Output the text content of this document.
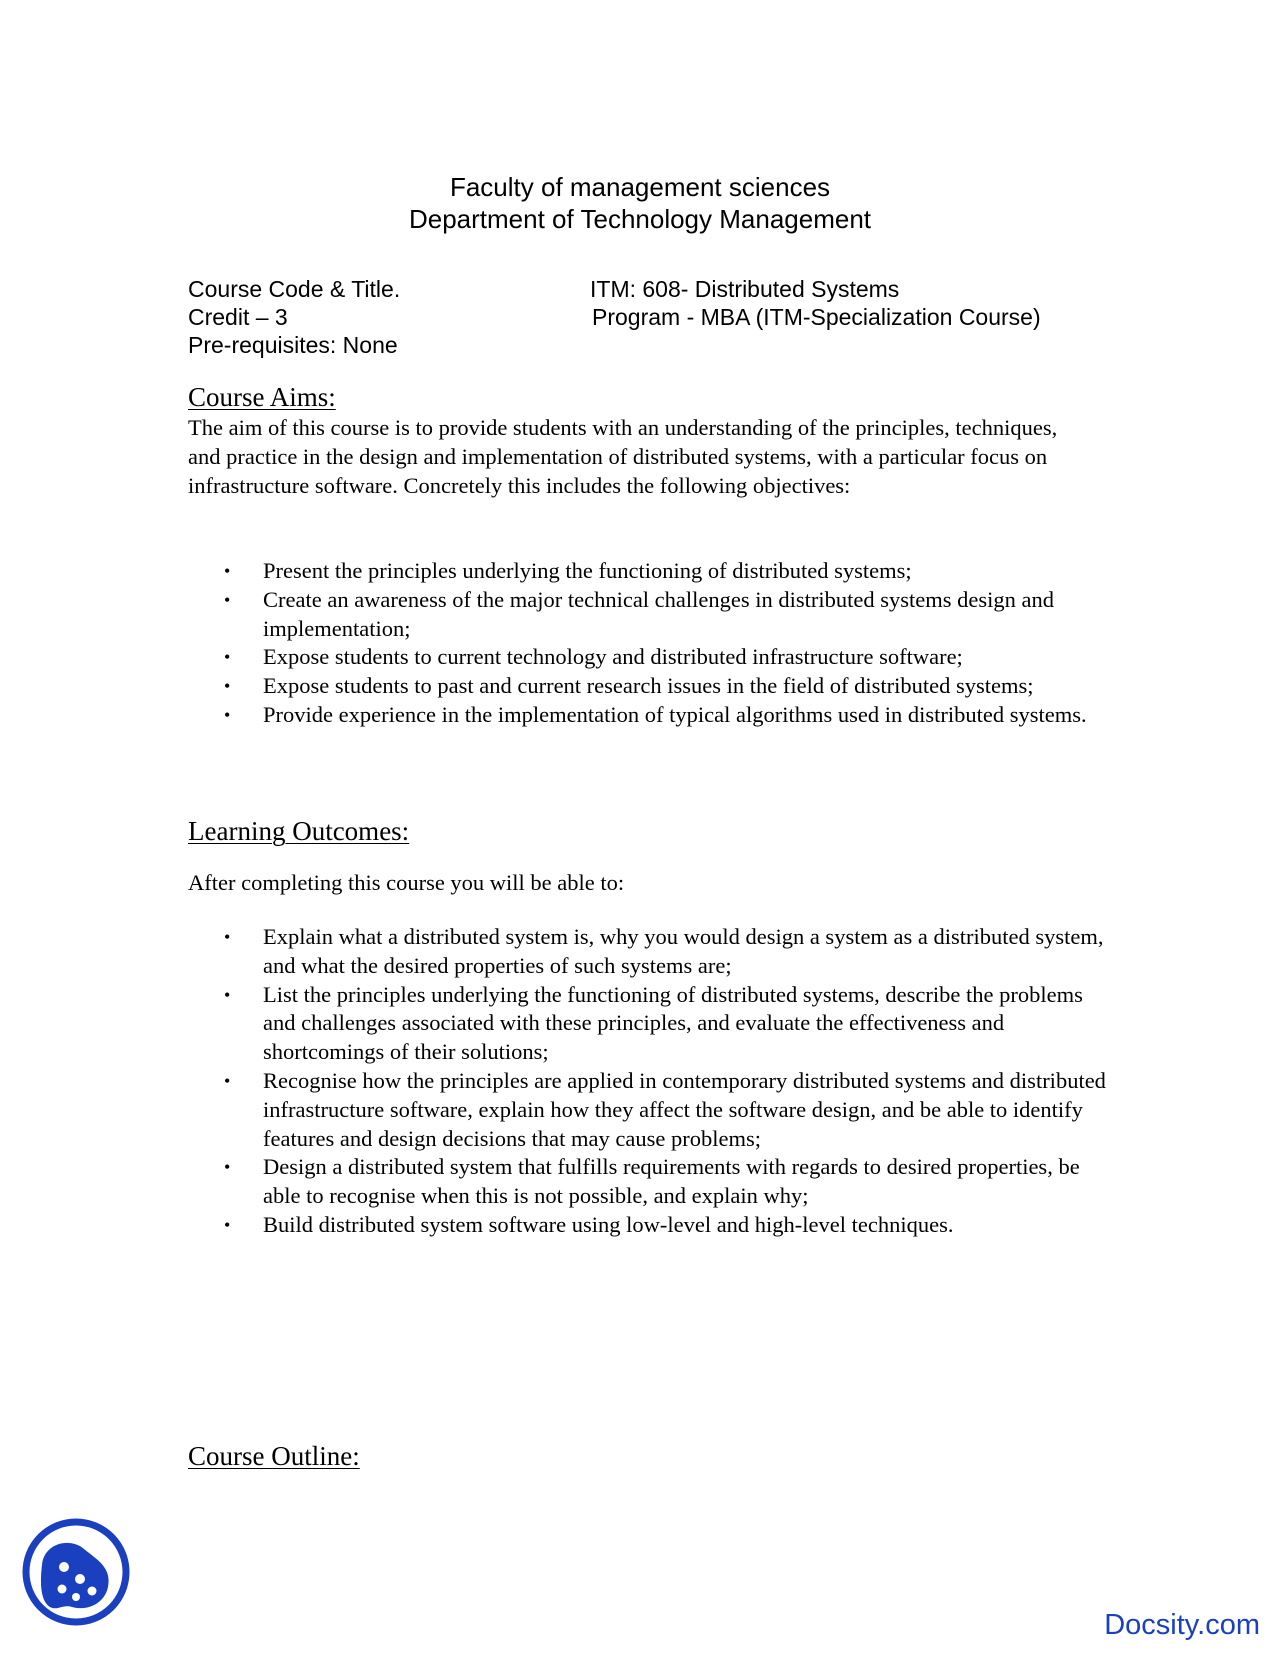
Faculty of management sciences
Department of Technology Management
Course Code & Title.	ITM: 608- Distributed Systems
Credit – 3	Program - MBA (ITM-Specialization Course)
Pre-requisites: None
Course Aims:
The aim of this course is to provide students with an understanding of the principles, techniques, and practice in the design and implementation of distributed systems, with a particular focus on infrastructure software. Concretely this includes the following objectives:
• Present the principles underlying the functioning of distributed systems;
• Create an awareness of the major technical challenges in distributed systems design and implementation;
• Expose students to current technology and distributed infrastructure software;
• Expose students to past and current research issues in the field of distributed systems;
• Provide experience in the implementation of typical algorithms used in distributed systems.
Learning Outcomes:
After completing this course you will be able to:
• Explain what a distributed system is, why you would design a system as a distributed system, and what the desired properties of such systems are;
• List the principles underlying the functioning of distributed systems, describe the problems and challenges associated with these principles, and evaluate the effectiveness and shortcomings of their solutions;
• Recognise how the principles are applied in contemporary distributed systems and distributed infrastructure software, explain how they affect the software design, and be able to identify features and design decisions that may cause problems;
• Design a distributed system that fulfills requirements with regards to desired properties, be able to recognise when this is not possible, and explain why;
• Build distributed system software using low-level and high-level techniques.
Course Outline:
Docsity.com
